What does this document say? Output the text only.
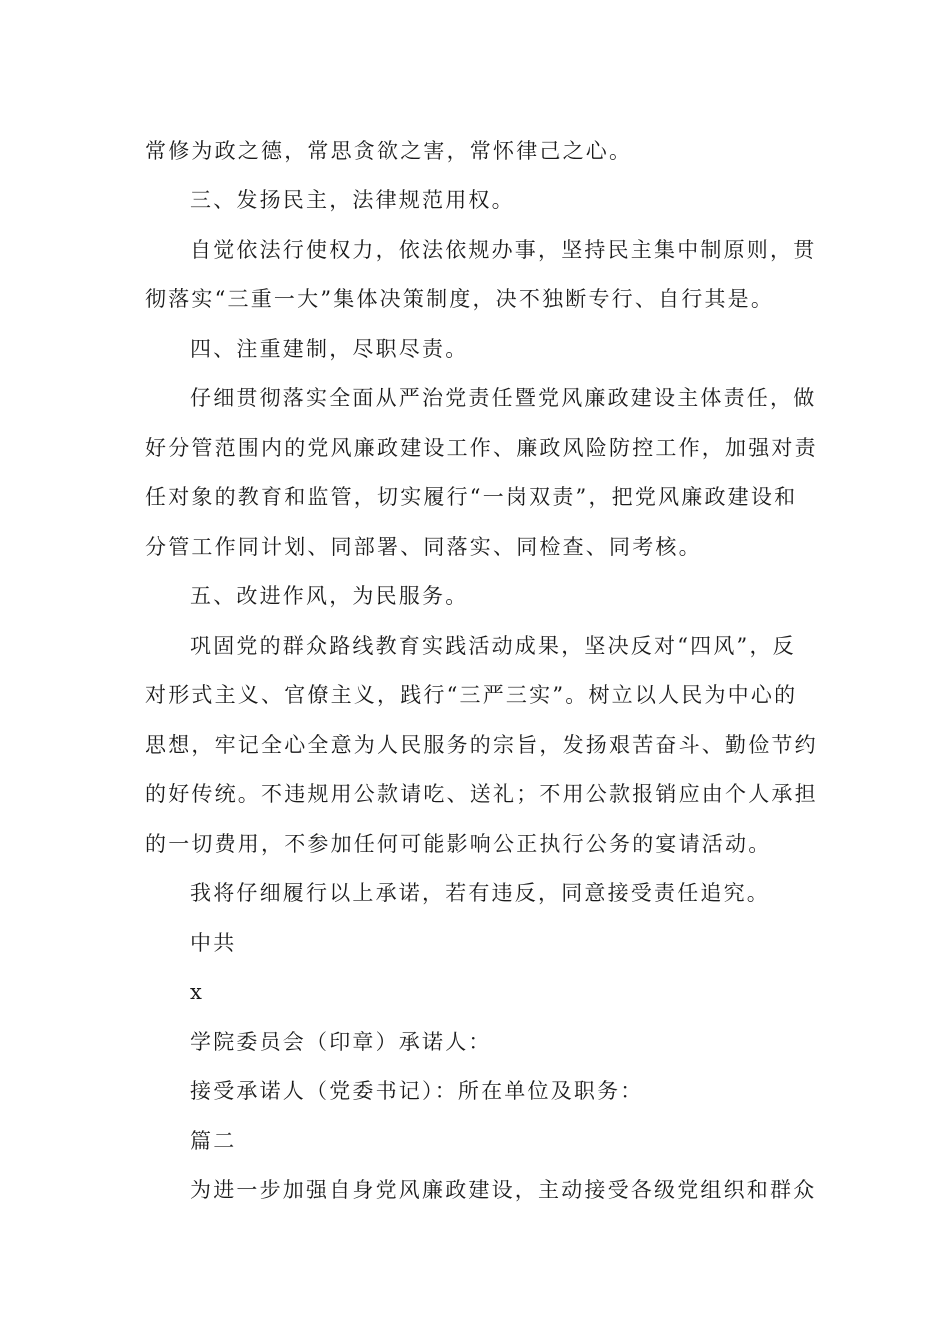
常修为政之德，常思贪欲之害，常怀律己之心。

三、发扬民主，法律规范用权。

自觉依法行使权力，依法依规办事，坚持民主集中制原则，贯

彻落实“三重一大”集体决策制度，决不独断专行、自行其是。

四、注重建制，尽职尽责。

仔细贯彻落实全面从严治党责任暨党风廉政建设主体责任，做

好分管范围内的党风廉政建设工作、廉政风险防控工作，加强对责

任对象的教育和监管，切实履行“一岗双责”，把党风廉政建设和

分管工作同计划、同部署、同落实、同检查、同考核。

五、改进作风，为民服务。

巩固党的群众路线教育实践活动成果，坚决反对“四风”，反

对形式主义、官僚主义，践行“三严三实”。树立以人民为中心的

思想，牢记全心全意为人民服务的宗旨，发扬艰苦奋斗、勤俭节约

的好传统。不违规用公款请吃、送礼；不用公款报销应由个人承担

的一切费用，不参加任何可能影响公正执行公务的宴请活动。

我将仔细履行以上承诺，若有违反，同意接受责任追究。

中共

x

学院委员会（印章）承诺人：

接受承诺人（党委书记）：所在单位及职务：

篇二

为进一步加强自身党风廉政建设，主动接受各级党组织和群众
